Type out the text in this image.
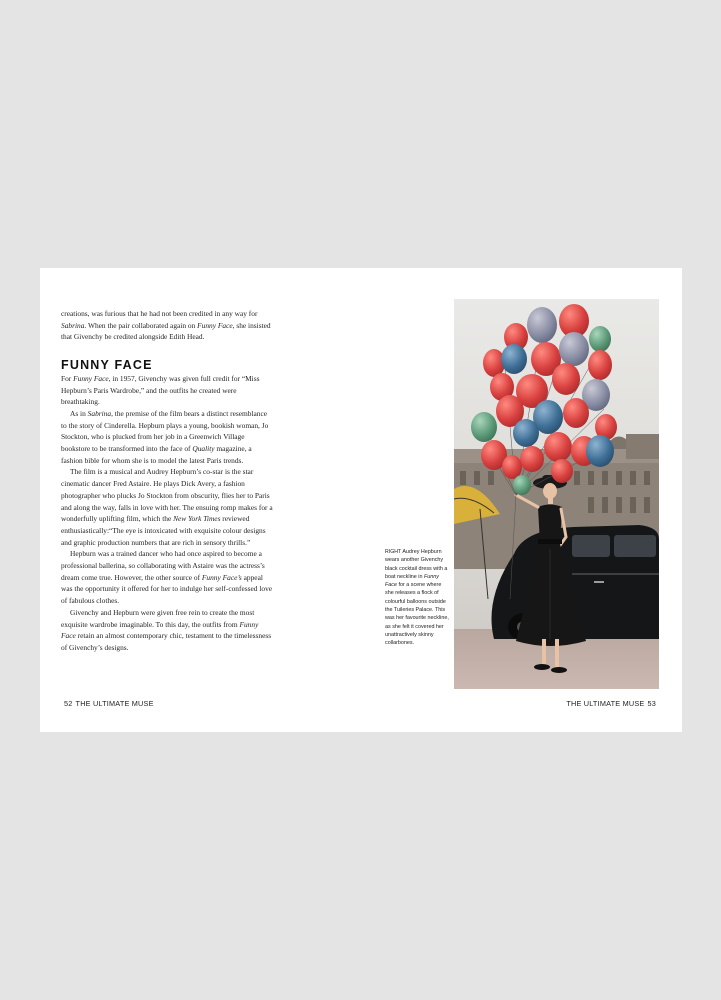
creations, was furious that he had not been credited in any way for Sabrina. When the pair collaborated again on Funny Face, she insisted that Givenchy be credited alongside Edith Head.

FUNNY FACE

For Funny Face, in 1957, Givenchy was given full credit for “Miss Hepburn’s Paris Wardrobe,” and the outfits he created were breathtaking.

As in Sabrina, the premise of the film bears a distinct resemblance to the story of Cinderella. Hepburn plays a young, bookish woman, Jo Stockton, who is plucked from her job in a Greenwich Village bookstore to be transformed into the face of Quality magazine, a fashion bible for whom she is to model the latest Paris trends.

The film is a musical and Audrey Hepburn’s co-star is the star cinematic dancer Fred Astaire. He plays Dick Avery, a fashion photographer who plucks Jo Stockton from obscurity, flies her to Paris and along the way, falls in love with her. The ensuing romp makes for a wonderfully uplifting film, which the New York Times reviewed enthusiastically:“The eye is intoxicated with exquisite colour designs and graphic production numbers that are rich in sensory thrills.”

Hepburn was a trained dancer who had once aspired to become a professional ballerina, so collaborating with Astaire was the actress’s dream come true. However, the other source of Funny Face’s appeal was the opportunity it offered for her to indulge her self-confessed love of fabulous clothes.

Givenchy and Hepburn were given free rein to create the most exquisite wardrobe imaginable. To this day, the outfits from Funny Face retain an almost contemporary chic, testament to the timelessness of Givenchy’s designs.

RIGHT Audrey Hepburn wears another Givenchy black cocktail dress with a boat neckline in Funny Face for a scene where she releases a flock of colourful balloons outside the Tuileries Palace. This was her favourite neckline, as she felt it covered her unattractively skinny collarbones.

52 THE ULTIMATE MUSE	THE ULTIMATE MUSE 53
